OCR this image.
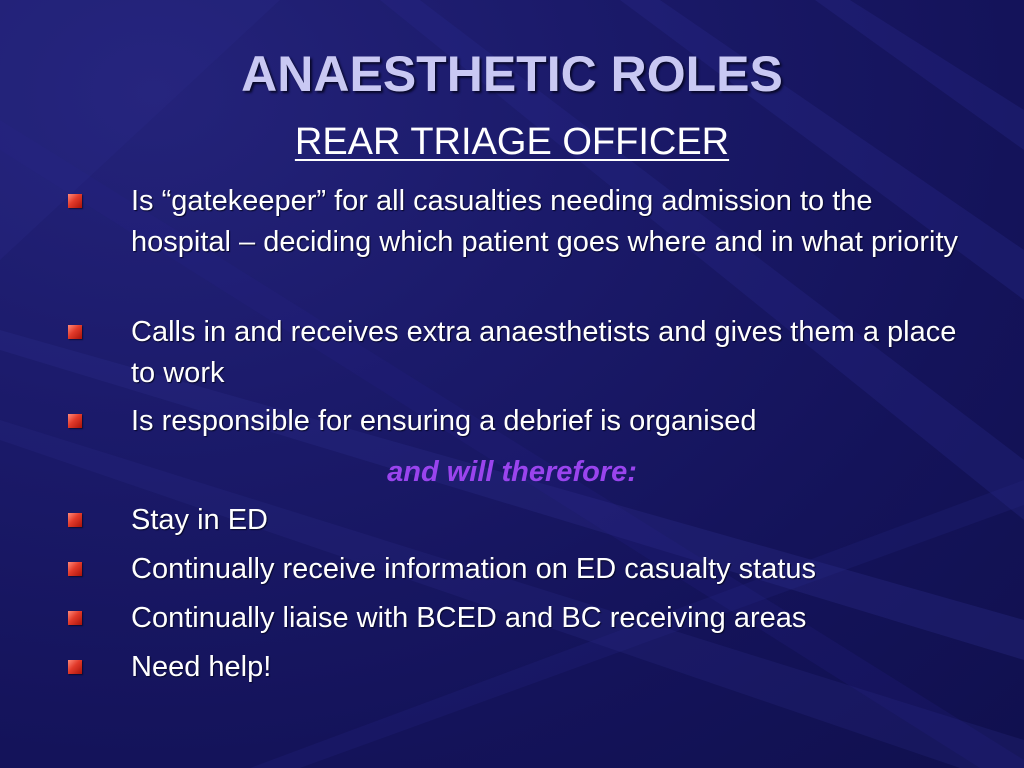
ANAESTHETIC ROLES
REAR TRIAGE OFFICER
Is “gatekeeper” for all casualties needing admission to the hospital – deciding which patient goes where and in what priority
Calls in and receives extra anaesthetists and gives them a place to work
Is responsible for ensuring a debrief is organised
and will therefore:
Stay in ED
Continually receive information on ED casualty status
Continually liaise with BCED and BC receiving areas
Need help!
